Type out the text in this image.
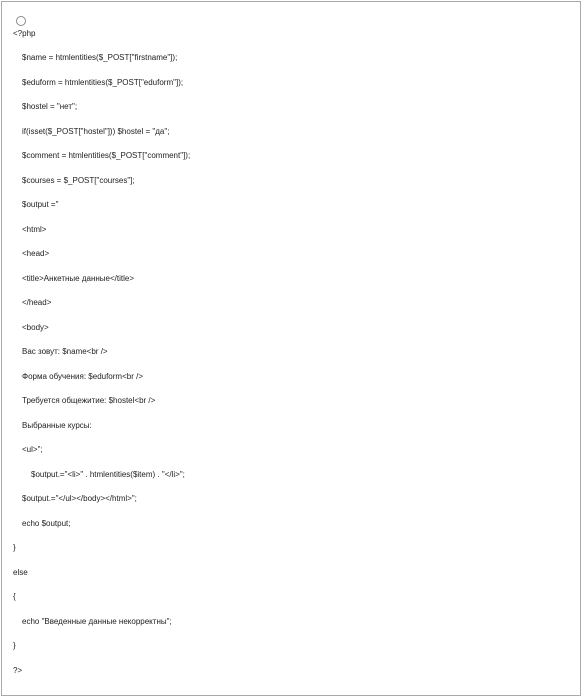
<?php
$name = htmlentities($_POST["firstname"]);
$eduform = htmlentities($_POST["eduform"]);
$hostel = "нет";
if(isset($_POST["hostel"])) $hostel = "да";
$comment = htmlentities($_POST["comment"]);
$courses = $_POST["courses"];
$output ="
<html>
<head>
<title>Анкетные данные</title>
</head>
<body>
Вас зовут: $name<br />
Форма обучения: $eduform<br />
Требуется общежитие: $hostel<br />
Выбранные курсы:
<ul>";
$output.="<li>" . htmlentities($item) . "</li>";
$output.="</ul></body></html>";
echo $output;
}
else
{
echo "Введенные данные некорректны";
}
?>
